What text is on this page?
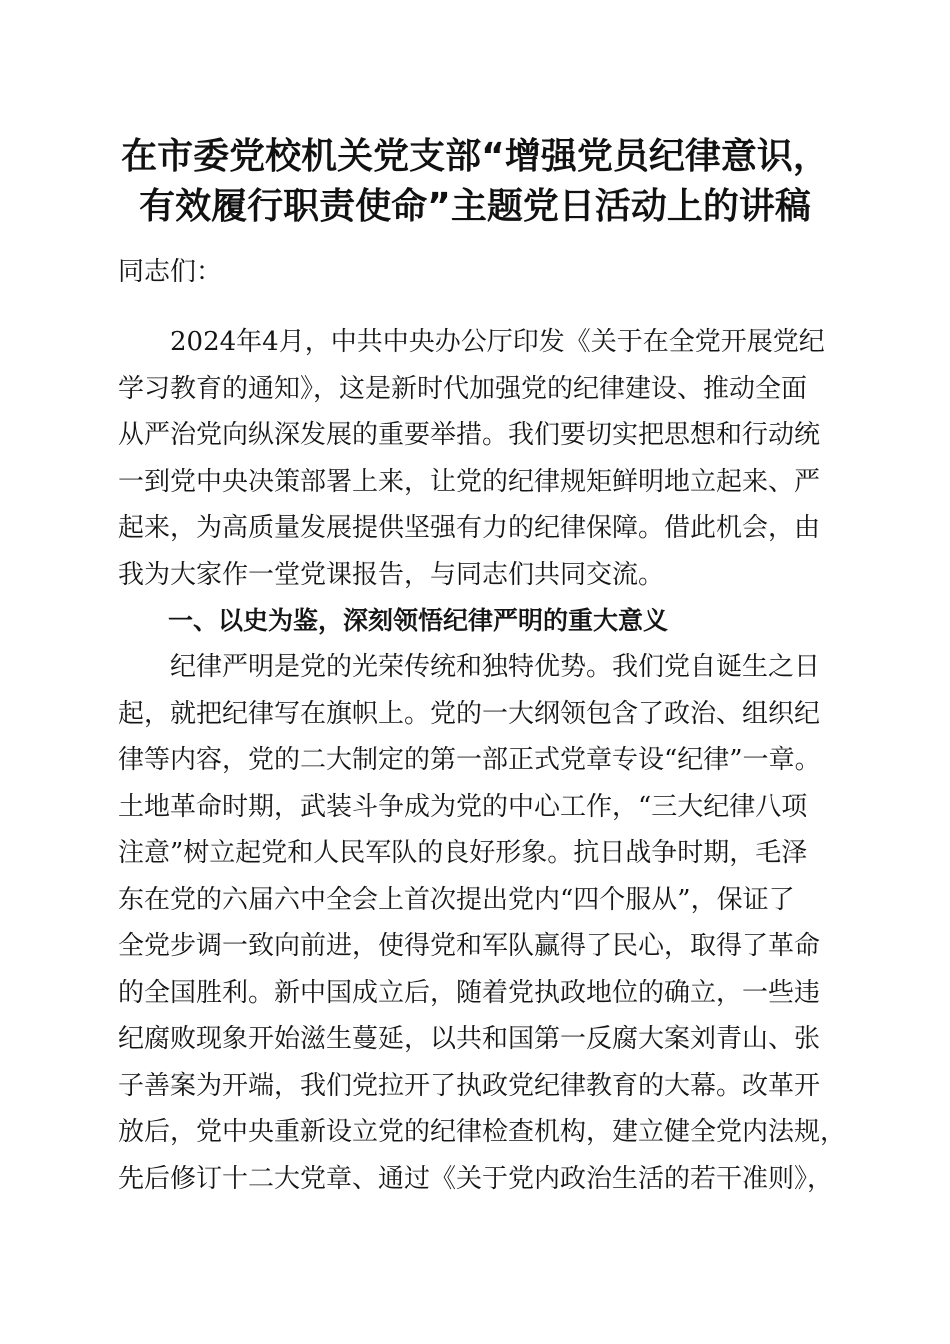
在市委党校机关党支部“增强党员纪律意识，
有效履行职责使命”主题党日活动上的讲稿
同志们：
　　2024年4月，中共中央办公厅印发《关于在全党开展党纪
学习教育的通知》，这是新时代加强党的纪律建设、推动全面
从严治党向纵深发展的重要举措。我们要切实把思想和行动统
一到党中央决策部署上来，让党的纪律规矩鲜明地立起来、严
起来，为高质量发展提供坚强有力的纪律保障。借此机会，由
我为大家作一堂党课报告，与同志们共同交流。
　　一、以史为鉴，深刻领悟纪律严明的重大意义
　　纪律严明是党的光荣传统和独特优势。我们党自诞生之日
起，就把纪律写在旗帜上。党的一大纲领包含了政治、组织纪
律等内容，党的二大制定的第一部正式党章专设“纪律”一章。
土地革命时期，武装斗争成为党的中心工作，“三大纪律八项
注意”树立起党和人民军队的良好形象。抗日战争时期，毛泽
东在党的六届六中全会上首次提出党内“四个服从”，保证了
全党步调一致向前进，使得党和军队赢得了民心，取得了革命
的全国胜利。新中国成立后，随着党执政地位的确立，一些违
纪腐败现象开始滋生蔓延，以共和国第一反腐大案刘青山、张
子善案为开端，我们党拉开了执政党纪律教育的大幕。改革开
放后，党中央重新设立党的纪律检查机构，建立健全党内法规，
先后修订十二大党章、通过《关于党内政治生活的若干准则》，
